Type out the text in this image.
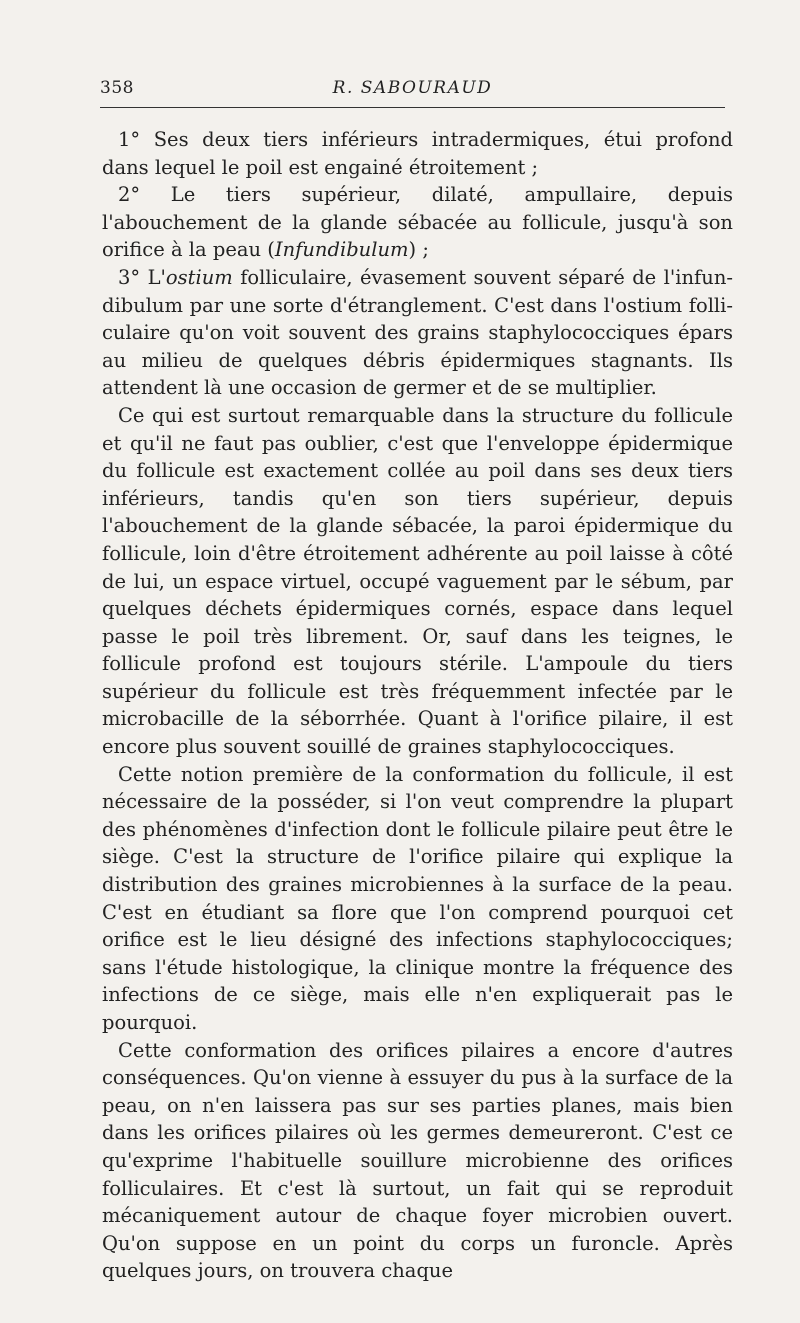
358	R. SABOURAUD

1° Ses deux tiers inférieurs intradermiques, étui profond dans lequel le poil est engainé étroitement ;

2° Le tiers supérieur, dilaté, ampullaire, depuis l'abouchement de la glande sébacée au follicule, jusqu'à son orifice à la peau (Infundibulum) ;

3° L'ostium folliculaire, évasement souvent séparé de l'infundibulum par une sorte d'étranglement. C'est dans l'ostium folliculaire qu'on voit souvent des grains staphylococciques épars au milieu de quelques débris épidermiques stagnants. Ils attendent là une occasion de germer et de se multiplier.

Ce qui est surtout remarquable dans la structure du follicule et qu'il ne faut pas oublier, c'est que l'enveloppe épidermique du follicule est exactement collée au poil dans ses deux tiers inférieurs, tandis qu'en son tiers supérieur, depuis l'abouchement de la glande sébacée, la paroi épidermique du follicule, loin d'être étroitement adhérente au poil laisse à côté de lui, un espace virtuel, occupé vaguement par le sébum, par quelques déchets épidermiques cornés, espace dans lequel passe le poil très librement. Or, sauf dans les teignes, le follicule profond est toujours stérile. L'ampoule du tiers supérieur du follicule est très fréquemment infectée par le microbacille de la séborrhée. Quant à l'orifice pilaire, il est encore plus souvent souillé de graines staphylococciques.

Cette notion première de la conformation du follicule, il est nécessaire de la posséder, si l'on veut comprendre la plupart des phénomènes d'infection dont le follicule pilaire peut être le siège. C'est la structure de l'orifice pilaire qui explique la distribution des graines microbiennes à la surface de la peau. C'est en étudiant sa flore que l'on comprend pourquoi cet orifice est le lieu désigné des infections staphylococciques; sans l'étude histologique, la clinique montre la fréquence des infections de ce siège, mais elle n'en expliquerait pas le pourquoi.

Cette conformation des orifices pilaires a encore d'autres conséquences. Qu'on vienne à essuyer du pus à la surface de la peau, on n'en laissera pas sur ses parties planes, mais bien dans les orifices pilaires où les germes demeureront. C'est ce qu'exprime l'habituelle souillure microbienne des orifices folliculaires. Et c'est là surtout, un fait qui se reproduit mécaniquement autour de chaque foyer microbien ouvert. Qu'on suppose en un point du corps un furoncle. Après quelques jours, on trouvera chaque
